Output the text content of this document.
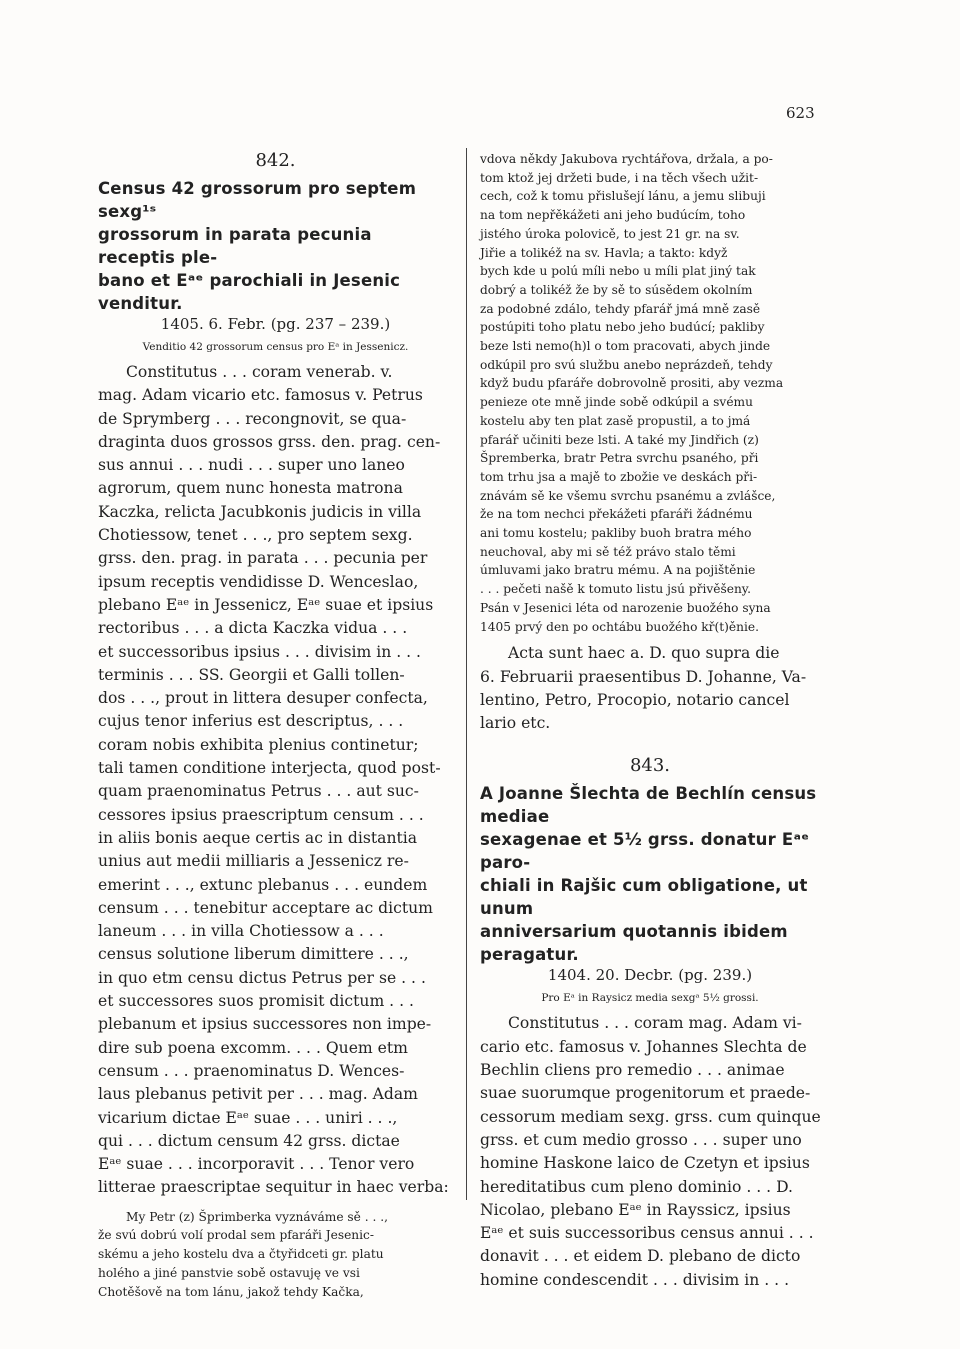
623

842.

Census 42 grossorum pro septem sexg¹ˢ
grossorum in parata pecunia receptis ple-
bano et Eᵃᵉ parochiali in Jesenic venditur.

1405. 6. Febr. (pg. 237 – 239.)

Venditio 42 grossorum census pro Eᵃ in Jessenicz.

Constitutus . . . coram venerab. v.
mag. Adam vicario etc. famosus v. Petrus
de Sprymberg . . . recongnovit, se qua-
draginta duos grossos grss. den. prag. cen-
sus annui . . . nudi . . . super uno laneo
agrorum, quem nunc honesta matrona
Kaczka, relicta Jacubkonis judicis in villa
Chotiessow, tenet . . ., pro septem sexg.
grss. den. prag. in parata . . . pecunia per
ipsum receptis vendidisse D. Wenceslao,
plebano Eᵃᵉ in Jessenicz, Eᵃᵉ suae et ipsius
rectoribus . . . a dicta Kaczka vidua . . .
et successoribus ipsius . . . divisim in . . .
terminis . . . SS. Georgii et Galli tollen-
dos . . ., prout in littera desuper confecta,
cujus tenor inferius est descriptus, . . .
coram nobis exhibita plenius continetur;
tali tamen conditione interjecta, quod post-
quam praenominatus Petrus . . . aut suc-
cessores ipsius praescriptum censum . . .
in aliis bonis aeque certis ac in distantia
unius aut medii milliaris a Jessenicz re-
emerint . . ., extunc plebanus . . . eundem
censum . . . tenebitur acceptare ac dictum
laneum . . . in villa Chotiessow a . . .
census solutione liberum dimittere . . .,
in quo etm censu dictus Petrus per se . . .
et successores suos promisit dictum . . .
plebanum et ipsius successores non impe-
dire sub poena excomm. . . . Quem etm
censum . . . praenominatus D. Wences-
laus plebanus petivit per . . . mag. Adam
vicarium dictae Eᵃᵉ suae . . . uniri . . .,
qui . . . dictum censum 42 grss. dictae
Eᵃᵉ suae . . . incorporavit . . . Tenor vero
litterae praescriptae sequitur in haec verba:
My Petr (z) Šprimberka vyznáváme sě . . .,
že svú dobrú volí prodal sem pfaráři Jesenic-
skému a jeho kostelu dva a čtyřidceti gr. platu
holého a jiné panstvie sobě ostavuję ve vsi
Chotěšově na tom lánu, jakož tehdy Kačka,
vdova někdy Jakubova rychtářova, držala, a po-
tom ktož jej držeti bude, i na těch všech užit-
cech, což k tomu přislušejí lánu, a jemu slibuji
na tom nepřěkážeti ani jeho budúcím, toho
jistého úroka polovicě, to jest 21 gr. na sv.
Jiřie a tolikéž na sv. Havla; a takto: když
bych kde u polú míli nebo u míli plat jiný tak
dobrý a tolikéž že by sě to súsědem okolním
za podobné zdálo, tehdy pfarář jmá mně zasě
postúpiti toho platu nebo jeho budúcí; pakliby
beze lsti nemo(h)l o tom pracovati, abych jinde
odkúpil pro svú službu anebo neprázdeň, tehdy
když budu pfaráře dobrovolně prositi, aby vezma
penieze ote mně jinde sobě odkúpil a svému
kostelu aby ten plat zasě propustil, a to jmá
pfarář učiniti beze lsti. A také my Jindřich (z)
Špremberka, bratr Petra svrchu psaného, při
tom trhu jsa a majě to zbožie ve deskách při-
znávám sě ke všemu svrchu psanému a zvlášce,
že na tom nechci překážeti pfaráři žádnému
ani tomu kostelu; pakliby buoh bratra mého
neuchoval, aby mi sě též právo stalo těmi
úmluvami jako bratru mému. A na pojištěnie
. . . pečeti našě k tomuto listu jsú přivěšeny.
Psán v Jesenici léta od narozenie buožého syna
1405 prvý den po ochtábu buožého kř(t)ěnie.
Acta sunt haec a. D. quo supra die
6. Februarii praesentibus D. Johanne, Va-
lentino, Petro, Procopio, notario cancel
lario etc.

843.

A Joanne Šlechta de Bechlín census mediae
sexagenae et 5½ grss. donatur Eᵃᵉ paro-
chiali in Rajšic cum obligatione, ut unum
anniversarium quotannis ibidem peragatur.

1404. 20. Decbr. (pg. 239.)

Pro Eᵃ in Raysicz media sexgᵃ 5½ grossi.

Constitutus . . . coram mag. Adam vi-
cario etc. famosus v. Johannes Slechta de
Bechlin cliens pro remedio . . . animae
suae suorumque progenitorum et praede-
cessorum mediam sexg. grss. cum quinque
grss. et cum medio grosso . . . super uno
homine Haskone laico de Czetyn et ipsius
hereditatibus cum pleno dominio . . . D.
Nicolao, plebano Eᵃᵉ in Rayssicz, ipsius
Eᵃᵉ et suis successoribus census annui . . .
donavit . . . et eidem D. plebano de dicto
homine condescendit . . . divisim in . . .
